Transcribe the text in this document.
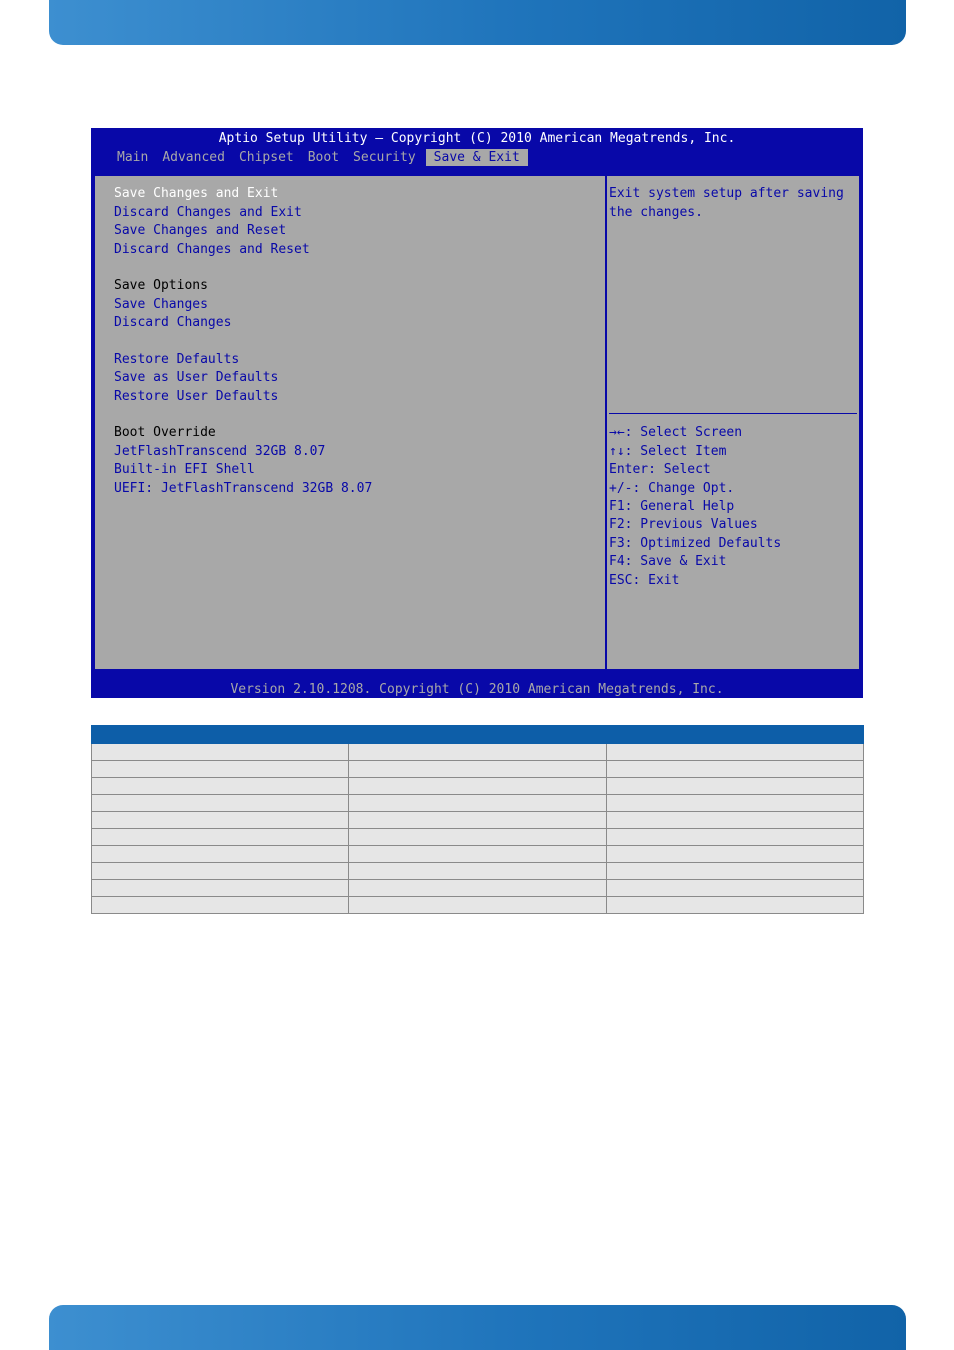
Aptio Setup Utility – Copyright (C) 2010 American Megatrends, Inc.
Main	Advanced	Chipset	Boot	Security	Save & Exit
Save Changes and Exit
Discard Changes and Exit
Save Changes and Reset
Discard Changes and Reset
Save Options
Save Changes
Discard Changes
Restore Defaults
Save as User Defaults
Restore User Defaults
Boot Override
JetFlashTranscend 32GB 8.07
Built-in EFI Shell
UEFI: JetFlashTranscend 32GB 8.07
Exit system setup after saving
the changes.
→←: Select Screen
↑↓: Select Item
Enter: Select
+/-: Change Opt.
F1: General Help
F2: Previous Values
F3: Optimized Defaults
F4: Save & Exit
ESC: Exit
Version 2.10.1208. Copyright (C) 2010 American Megatrends, Inc.
